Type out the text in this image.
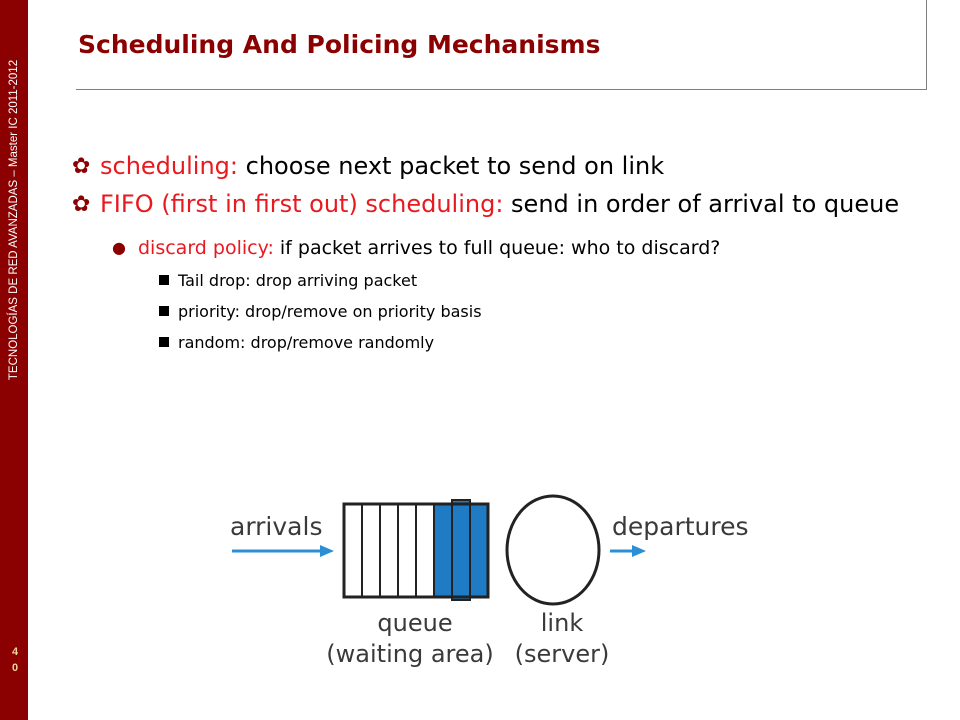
TECNOLOGÍAS DE RED AVANZADAS – Master IC 2011-2012
4
0
Scheduling And Policing Mechanisms
✿ scheduling: choose next packet to send on link
✿ FIFO (first in first out) scheduling: send in order of arrival to queue
● discard policy: if packet arrives to full queue: who to discard?
Tail drop: drop arriving packet
priority: drop/remove on priority basis
random: drop/remove randomly
arrivals	departures
queue
(waiting area)
link
(server)
